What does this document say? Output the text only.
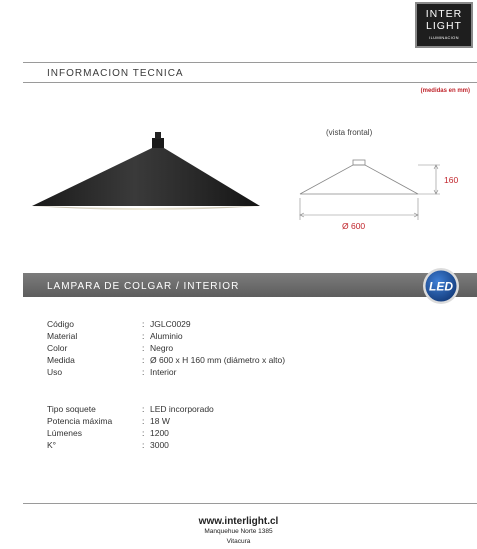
INTER
LIGHT
ILUMINACION
INFORMACION TECNICA
(medidas en mm)
(vista frontal)
160
Ø 600
LAMPARA DE COLGAR / INTERIOR	LED
Código	: JGLC0029
Material	: Aluminio
Color	: Negro
Medida	: Ø 600 x H 160 mm (diámetro x alto)
Uso	: Interior
Tipo soquete	: LED incorporado
Potencia máxima	: 18 W
Lúmenes	: 1200
K°	: 3000
www.interlight.cl
Manquehue Norte 1385
Vitacura
